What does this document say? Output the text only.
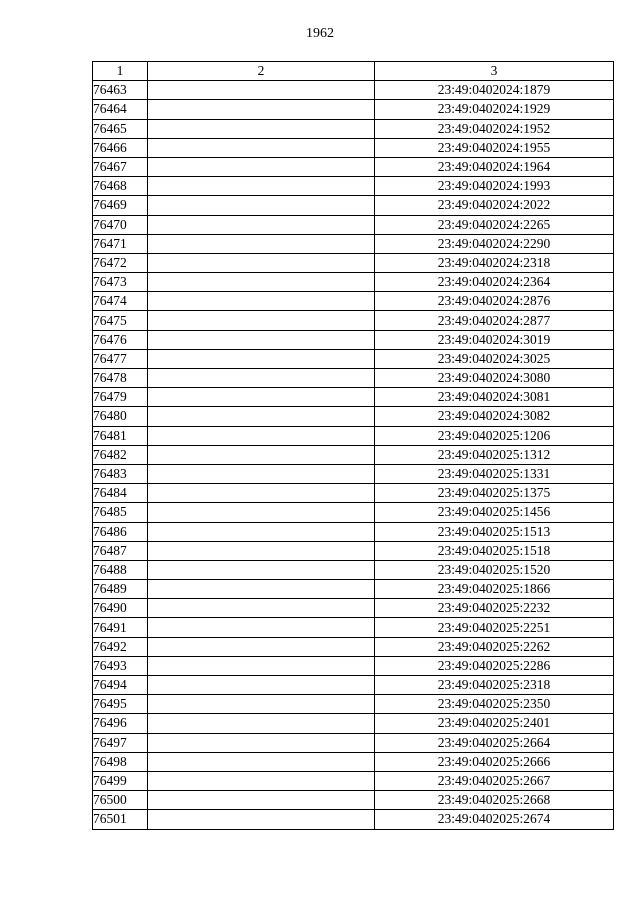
1962
1	2	3
76463		23:49:0402024:1879
76464		23:49:0402024:1929
76465		23:49:0402024:1952
76466		23:49:0402024:1955
76467		23:49:0402024:1964
76468		23:49:0402024:1993
76469		23:49:0402024:2022
76470		23:49:0402024:2265
76471		23:49:0402024:2290
76472		23:49:0402024:2318
76473		23:49:0402024:2364
76474		23:49:0402024:2876
76475		23:49:0402024:2877
76476		23:49:0402024:3019
76477		23:49:0402024:3025
76478		23:49:0402024:3080
76479		23:49:0402024:3081
76480		23:49:0402024:3082
76481		23:49:0402025:1206
76482		23:49:0402025:1312
76483		23:49:0402025:1331
76484		23:49:0402025:1375
76485		23:49:0402025:1456
76486		23:49:0402025:1513
76487		23:49:0402025:1518
76488		23:49:0402025:1520
76489		23:49:0402025:1866
76490		23:49:0402025:2232
76491		23:49:0402025:2251
76492		23:49:0402025:2262
76493		23:49:0402025:2286
76494		23:49:0402025:2318
76495		23:49:0402025:2350
76496		23:49:0402025:2401
76497		23:49:0402025:2664
76498		23:49:0402025:2666
76499		23:49:0402025:2667
76500		23:49:0402025:2668
76501		23:49:0402025:2674
